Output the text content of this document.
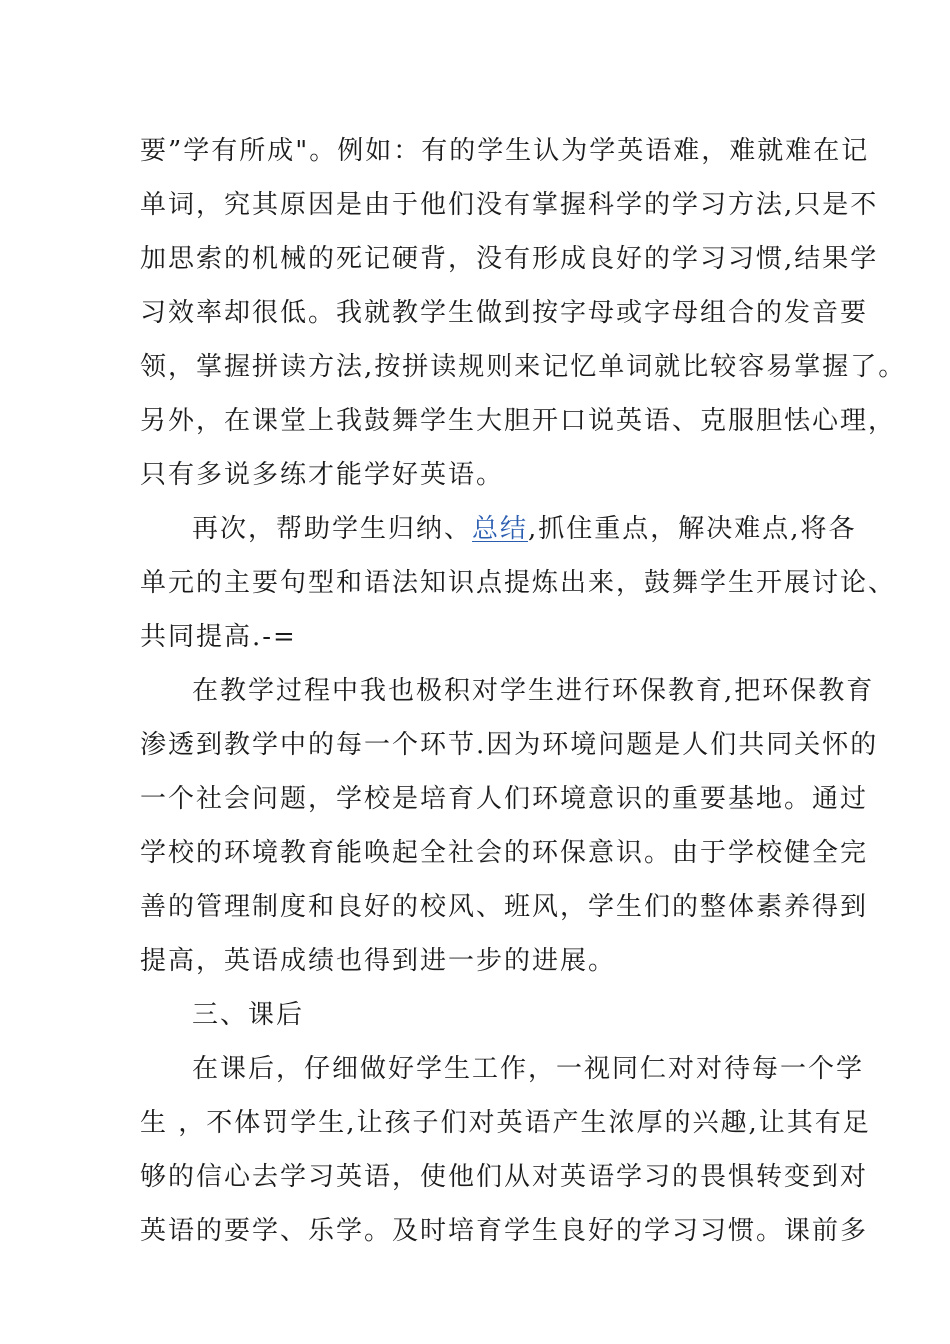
要”学有所成"。例如：有的学生认为学英语难，难就难在记
单词，究其原因是由于他们没有掌握科学的学习方法,只是不
加思索的机械的死记硬背，没有形成良好的学习习惯,结果学
习效率却很低。我就教学生做到按字母或字母组合的发音要
领，掌握拼读方法,按拼读规则来记忆单词就比较容易掌握了。
另外，在课堂上我鼓舞学生大胆开口说英语、克服胆怯心理，
只有多说多练才能学好英语。
再次，帮助学生归纳、总结,抓住重点，解决难点,将各
单元的主要句型和语法知识点提炼出来，鼓舞学生开展讨论、
共同提高.-=
在教学过程中我也极积对学生进行环保教育,把环保教育
渗透到教学中的每一个环节.因为环境问题是人们共同关怀的
一个社会问题，学校是培育人们环境意识的重要基地。通过
学校的环境教育能唤起全社会的环保意识。由于学校健全完
善的管理制度和良好的校风、班风，学生们的整体素养得到
提高，英语成绩也得到进一步的进展。
三、课后
在课后，仔细做好学生工作，一视同仁对对待每一个学
生 ，不体罚学生,让孩子们对英语产生浓厚的兴趣,让其有足
够的信心去学习英语，使他们从对英语学习的畏惧转变到对
英语的要学、乐学。及时培育学生良好的学习习惯。课前多
